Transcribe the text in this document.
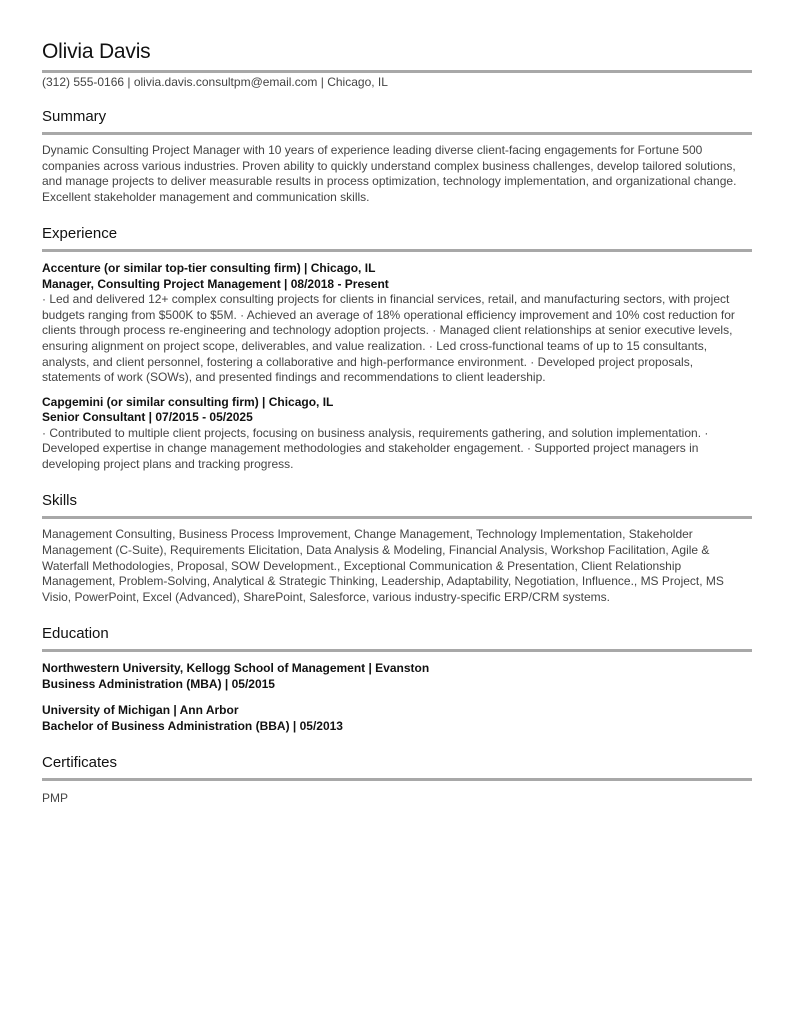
Olivia Davis
(312) 555-0166 | olivia.davis.consultpm@email.com | Chicago, IL
Summary
Dynamic Consulting Project Manager with 10 years of experience leading diverse client-facing engagements for Fortune 500 companies across various industries. Proven ability to quickly understand complex business challenges, develop tailored solutions, and manage projects to deliver measurable results in process optimization, technology implementation, and organizational change.
Excellent stakeholder management and communication skills.
Experience
Accenture (or similar top-tier consulting firm) | Chicago, IL
Manager, Consulting Project Management | 08/2018 - Present
· Led and delivered 12+ complex consulting projects for clients in financial services, retail, and manufacturing sectors, with project budgets ranging from $500K to $5M. · Achieved an average of 18% operational efficiency improvement and 10% cost reduction for clients through process re-engineering and technology adoption projects. · Managed client relationships at senior executive levels, ensuring alignment on project scope, deliverables, and value realization. · Led cross-functional teams of up to 15 consultants, analysts, and client personnel, fostering a collaborative and high-performance environment. · Developed project proposals, statements of work (SOWs), and presented findings and recommendations to client leadership.
Capgemini (or similar consulting firm) | Chicago, IL
Senior Consultant | 07/2015 - 05/2025
· Contributed to multiple client projects, focusing on business analysis, requirements gathering, and solution implementation. · Developed expertise in change management methodologies and stakeholder engagement. · Supported project managers in developing project plans and tracking progress.
Skills
Management Consulting, Business Process Improvement, Change Management, Technology Implementation, Stakeholder Management (C-Suite), Requirements Elicitation, Data Analysis & Modeling, Financial Analysis, Workshop Facilitation, Agile & Waterfall Methodologies, Proposal, SOW Development., Exceptional Communication & Presentation, Client Relationship Management, Problem-Solving, Analytical & Strategic Thinking, Leadership, Adaptability, Negotiation, Influence., MS Project, MS Visio, PowerPoint, Excel (Advanced), SharePoint, Salesforce, various industry-specific ERP/CRM systems.
Education
Northwestern University, Kellogg School of Management | Evanston
Business Administration (MBA) | 05/2015
University of Michigan | Ann Arbor
Bachelor of Business Administration (BBA) | 05/2013
Certificates
PMP
